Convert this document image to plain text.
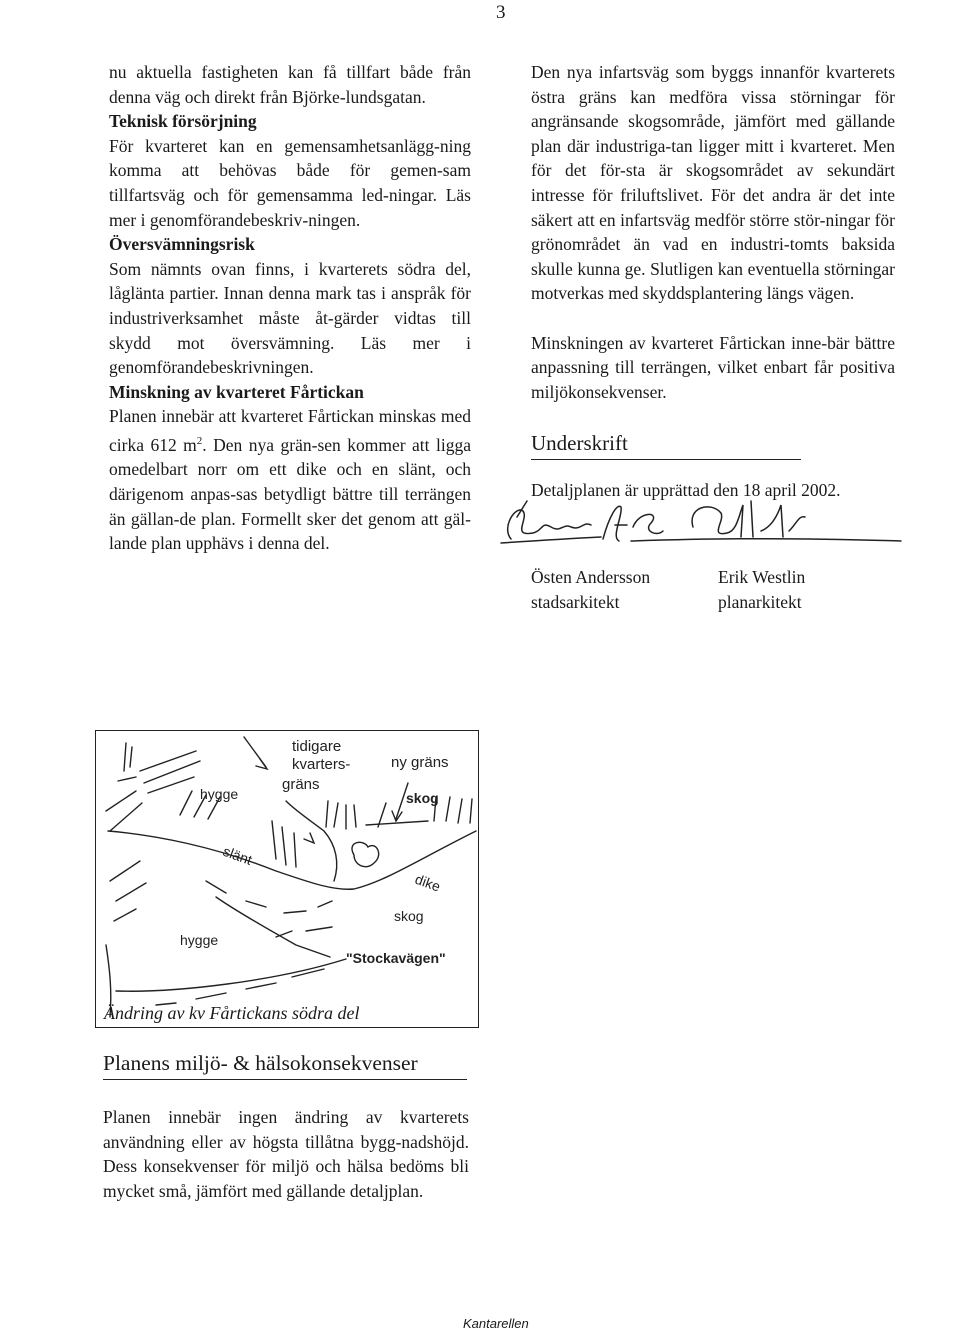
3

nu aktuella fastigheten kan få tillfart både från denna väg och direkt från Björke-lundsgatan.

Teknisk försörjning

För kvarteret kan en gemensamhetsanlägg-ning komma att behövas både för gemen-sam tillfartsväg och för gemensamma led-ningar. Läs mer i genomförandebeskriv-ningen.

Översvämningsrisk

Som nämnts ovan finns, i kvarterets södra del, låglänta partier. Innan denna mark tas i anspråk för industriverksamhet måste åt-gärder vidtas till skydd mot översvämning. Läs mer i genomförandebeskrivningen.

Minskning av kvarteret Fårtickan

Planen innebär att kvarteret Fårtickan minskas med cirka 612 $m^2$. Den nya grän-sen kommer att ligga omedelbart norr om ett dike och en slänt, och därigenom anpas-sas betydligt bättre till terrängen än gällan-de plan. Formellt sker det genom att gäl-lande plan upphävs i denna del.

Den nya infartsväg som byggs innanför kvarterets östra gräns kan medföra vissa störningar för angränsande skogsområde, jämfört med gällande plan där industriga-tan ligger mitt i kvarteret. Men för det för-sta är skogsområdet av sekundärt intresse för friluftslivet. För det andra är det inte säkert att en infartsväg medför större stör-ningar för grönområdet än vad en industri-tomts baksida skulle kunna ge. Slutligen kan eventuella störningar motverkas med skyddsplantering längs vägen.

Minskningen av kvarteret Fårtickan inne-bär bättre anpassning till terrängen, vilket enbart får positiva miljökonsekvenser.

Underskrift

Detaljplanen är upprättad den 18 april 2002.

Östen Andersson
stadsarkitekt
Erik Westlin
planarkitekt
tidigare
kvarters-
gräns
ny gräns
hygge	skog
slänt
dike
skog
hygge
"Stockavägen"
Ändring av kv Fårtickans södra del
Planens miljö- & hälsokonsekvenser

Planen innebär ingen ändring av kvarterets användning eller av högsta tillåtna bygg-nadshöjd. Dess konsekvenser för miljö och hälsa bedöms bli mycket små, jämfört med gällande detaljplan.

Kantarellen
